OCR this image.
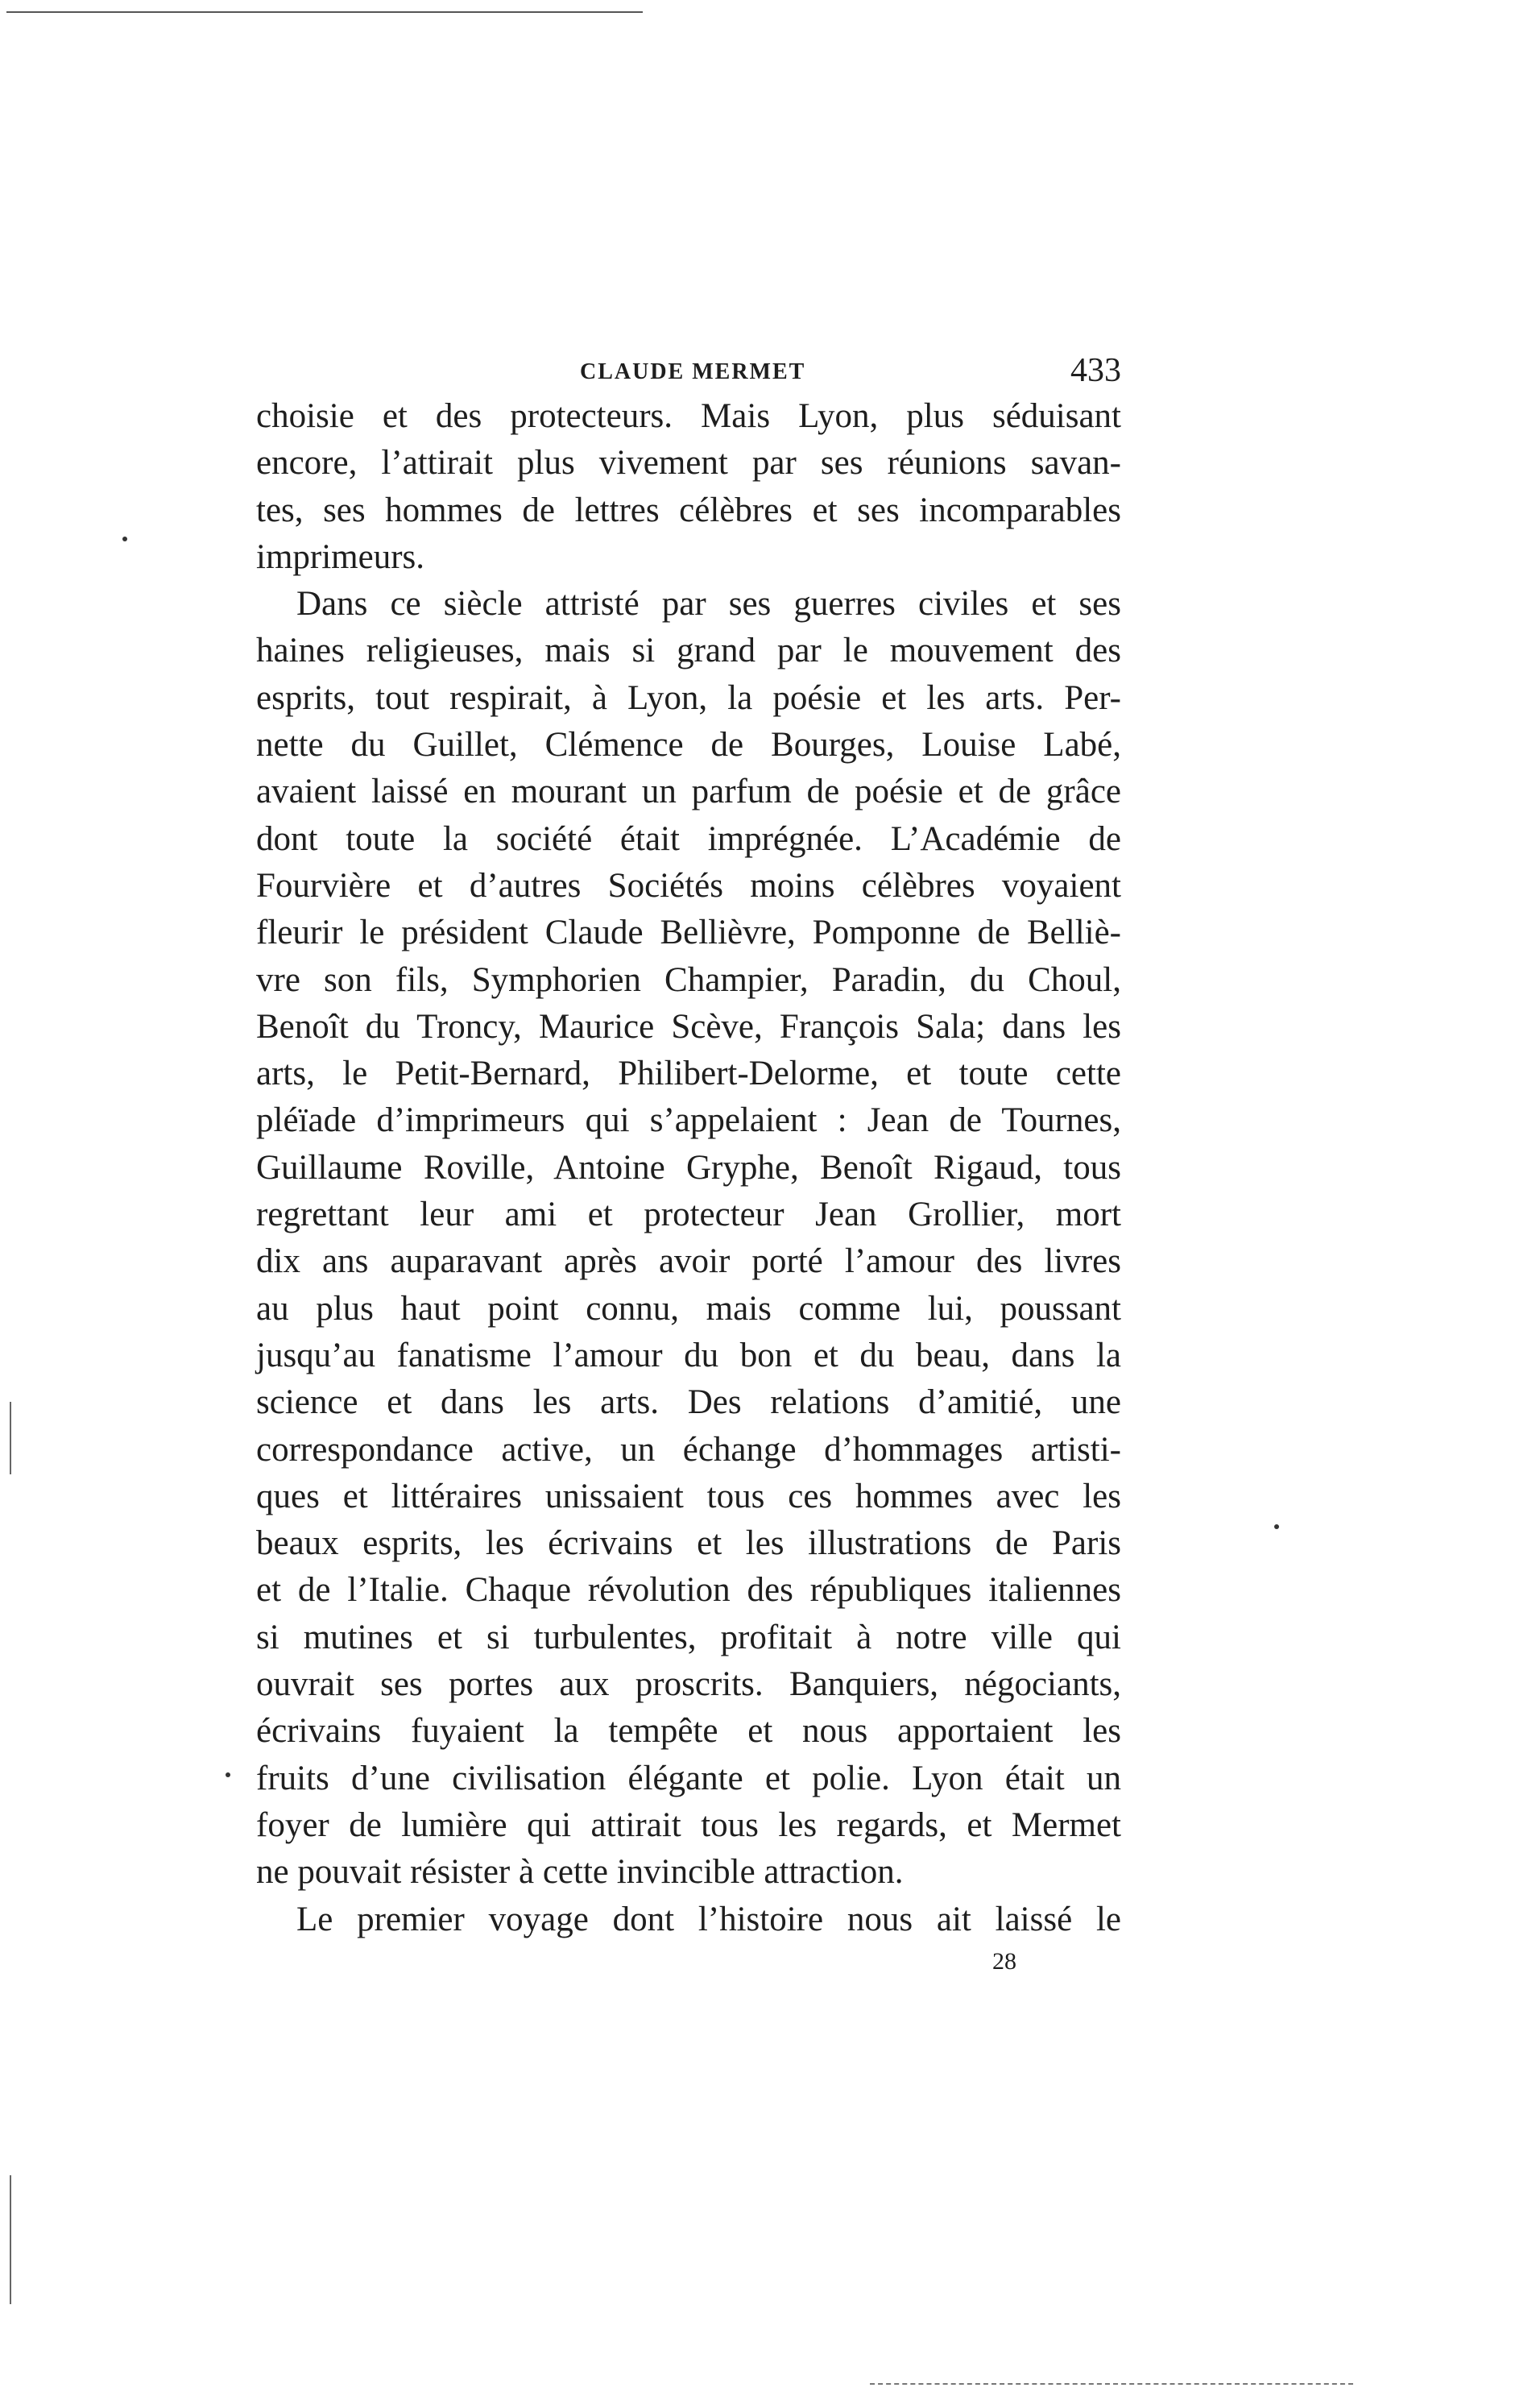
CLAUDE MERMET	433
choisie et des protecteurs. Mais Lyon, plus séduisant
encore, l’attirait plus vivement par ses réunions savan-
tes, ses hommes de lettres célèbres et ses incomparables
imprimeurs.
Dans ce siècle attristé par ses guerres civiles et ses
haines religieuses, mais si grand par le mouvement des
esprits, tout respirait, à Lyon, la poésie et les arts. Per-
nette du Guillet, Clémence de Bourges, Louise Labé,
avaient laissé en mourant un parfum de poésie et de grâce
dont toute la société était imprégnée. L’Académie de
Fourvière et d’autres Sociétés moins célèbres voyaient
fleurir le président Claude Bellièvre, Pomponne de Belliè-
vre son fils, Symphorien Champier, Paradin, du Choul,
Benoît du Troncy, Maurice Scève, François Sala; dans les
arts, le Petit-Bernard, Philibert-Delorme, et toute cette
pléïade d’imprimeurs qui s’appelaient : Jean de Tournes,
Guillaume Roville, Antoine Gryphe, Benoît Rigaud, tous
regrettant leur ami et protecteur Jean Grollier, mort
dix ans auparavant après avoir porté l’amour des livres
au plus haut point connu, mais comme lui, poussant
jusqu’au fanatisme l’amour du bon et du beau, dans la
science et dans les arts. Des relations d’amitié, une
correspondance active, un échange d’hommages artisti-
ques et littéraires unissaient tous ces hommes avec les
beaux esprits, les écrivains et les illustrations de Paris
et de l’Italie. Chaque révolution des républiques italiennes
si mutines et si turbulentes, profitait à notre ville qui
ouvrait ses portes aux proscrits. Banquiers, négociants,
écrivains fuyaient la tempête et nous apportaient les
fruits d’une civilisation élégante et polie. Lyon était un
foyer de lumière qui attirait tous les regards, et Mermet
ne pouvait résister à cette invincible attraction.
Le premier voyage dont l’histoire nous ait laissé le
28
